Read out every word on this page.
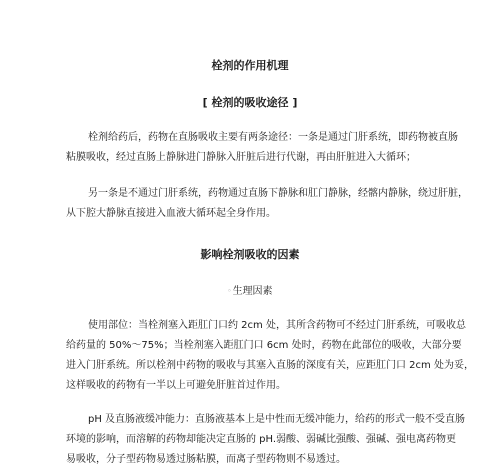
栓剂的作用机理
[ 栓剂的吸收途径 ]
栓剂给药后，药物在直肠吸收主要有两条途径：一条是通过门肝系统，即药物被直肠
粘膜吸收，经过直肠上静脉进门静脉入肝脏后进行代谢，再由肝脏进入大循环；
另一条是不通过门肝系统，药物通过直肠下静脉和肛门静脉，经髂内静脉，绕过肝脏，
从下腔大静脉直接进入血液大循环起全身作用。
影响栓剂吸收的因素
◦生理因素
使用部位：当栓剂塞入距肛门口约 2cm 处，其所含药物可不经过门肝系统，可吸收总
给药量的 50%～75%；当栓剂塞入距肛门口 6cm 处时，药物在此部位的吸收，大部分要
进入门肝系统。所以栓剂中药物的吸收与其塞入直肠的深度有关，应距肛门口 2cm 处为妥，
这样吸收的药物有一半以上可避免肝脏首过作用。
pH 及直肠液缓冲能力：直肠液基本上是中性而无缓冲能力，给药的形式一般不受直肠
环境的影响，而溶解的药物却能决定直肠的 pH.弱酸、弱碱比强酸、强碱、强电离药物更
易吸收，分子型药物易透过肠粘膜，而离子型药物则不易透过。
